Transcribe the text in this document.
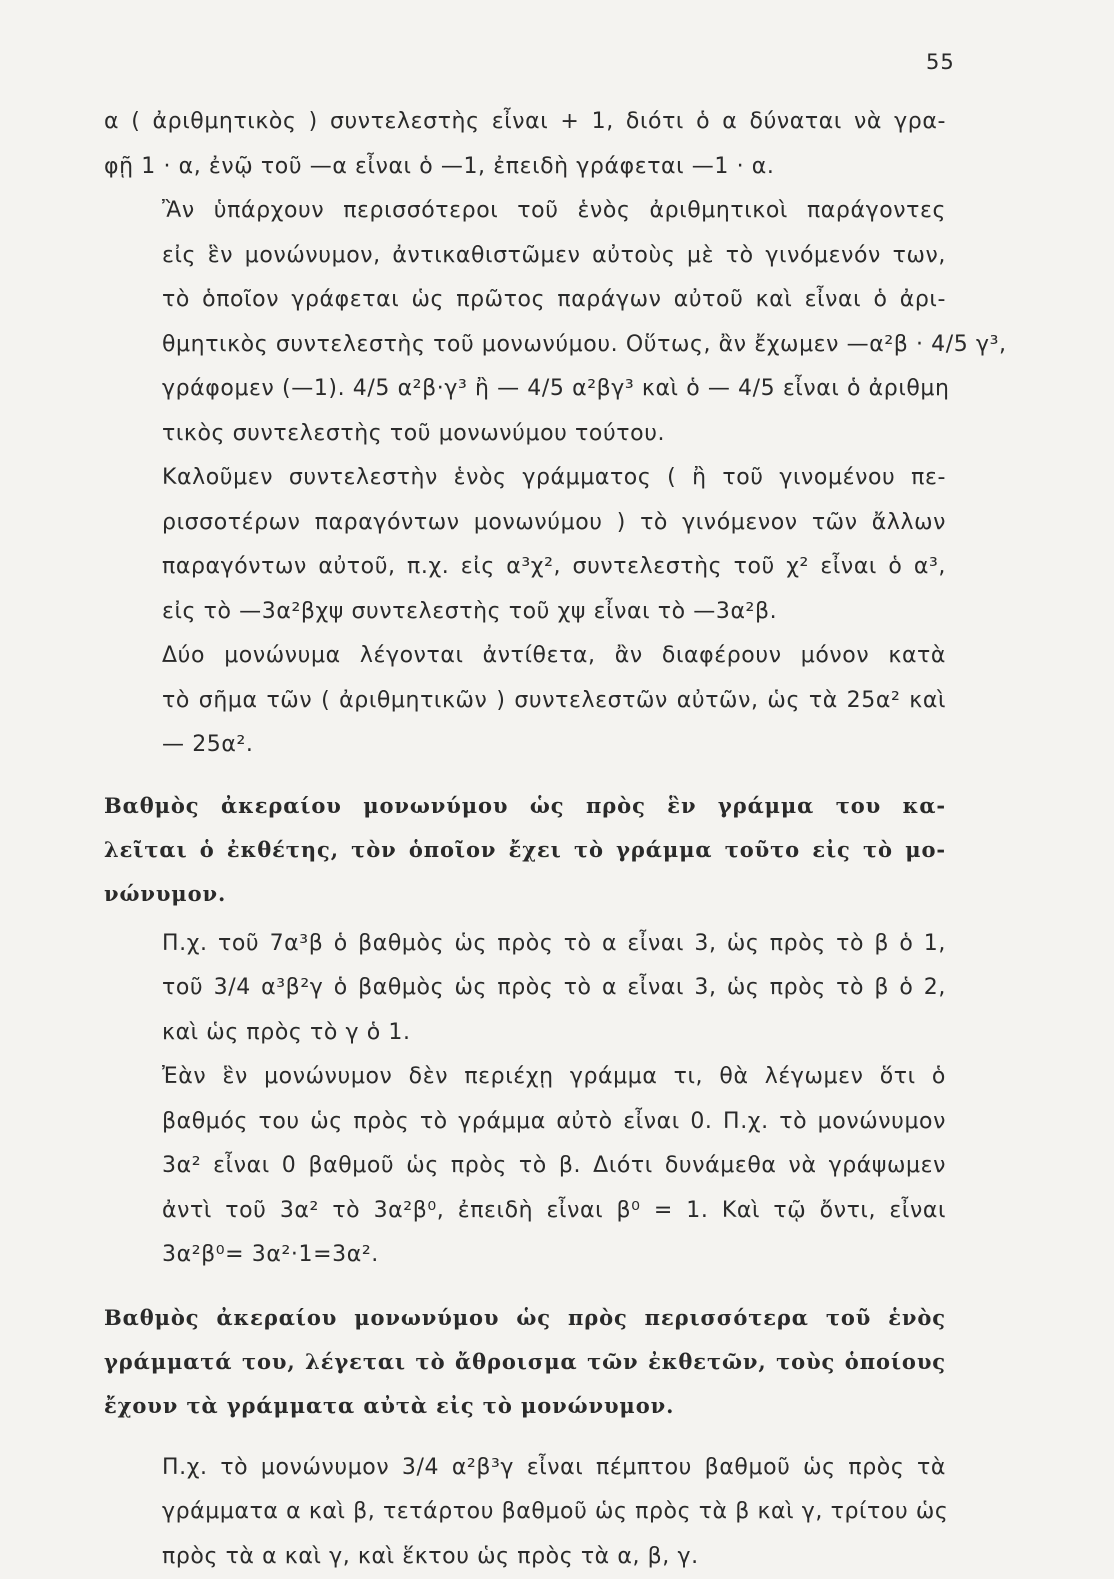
55

α ( ἀριθμητικὸς ) συντελεστὴς εἶναι + 1, διότι ὁ α δύναται νὰ γρα-
φῇ 1 · α, ἐνῷ τοῦ —α εἶναι ὁ —1, ἐπειδὴ γράφεται —1 · α.

Ἂν ὑπάρχουν περισσότεροι τοῦ ἑνὸς ἀριθμητικοὶ παράγοντες
εἰς ἓν μονώνυμον, ἀντικαθιστῶμεν αὐτοὺς μὲ τὸ γινόμενόν των,
τὸ ὁποῖον γράφεται ὡς πρῶτος παράγων αὐτοῦ καὶ εἶναι ὁ ἀρι-
θμητικὸς συντελεστὴς τοῦ μονωνύμου. Οὕτως, ἂν ἔχωμεν —α²β · 4/5 γ³,
γράφομεν (—1). 4/5 α²β·γ³ ἢ — 4/5 α²βγ³ καὶ ὁ — 4/5 εἶναι ὁ ἀριθμη
τικὸς συντελεστὴς τοῦ μονωνύμου τούτου.

Καλοῦμεν συντελεστὴν ἑνὸς γράμματος ( ἢ τοῦ γινομένου πε-
ρισσοτέρων παραγόντων μονωνύμου ) τὸ γινόμενον τῶν ἄλλων
παραγόντων αὐτοῦ, π.χ. εἰς α³χ², συντελεστὴς τοῦ χ² εἶναι ὁ α³,
εἰς τὸ —3α²βχψ συντελεστὴς τοῦ χψ εἶναι τὸ —3α²β.

Δύο μονώνυμα λέγονται ἀντίθετα, ἂν διαφέρουν μόνον κατὰ
τὸ σῆμα τῶν ( ἀριθμητικῶν ) συντελεστῶν αὐτῶν, ὡς τὰ 25α² καὶ
— 25α².

Βαθμὸς ἀκεραίου μονωνύμου ὡς πρὸς ἓν γράμμα του κα-
λεῖται ὁ ἐκθέτης, τὸν ὁποῖον ἔχει τὸ γράμμα τοῦτο εἰς τὸ μο-
νώνυμον.

Π.χ. τοῦ 7α³β ὁ βαθμὸς ὡς πρὸς τὸ α εἶναι 3, ὡς πρὸς τὸ β ὁ 1,
τοῦ 3/4 α³β²γ ὁ βαθμὸς ὡς πρὸς τὸ α εἶναι 3, ὡς πρὸς τὸ β ὁ 2,
καὶ ὡς πρὸς τὸ γ ὁ 1.

Ἐὰν ἓν μονώνυμον δὲν περιέχῃ γράμμα τι, θὰ λέγωμεν ὅτι ὁ
βαθμός του ὡς πρὸς τὸ γράμμα αὐτὸ εἶναι 0. Π.χ. τὸ μονώνυμον
3α² εἶναι 0 βαθμοῦ ὡς πρὸς τὸ β. Διότι δυνάμεθα νὰ γράψωμεν
ἀντὶ τοῦ 3α² τὸ 3α²β⁰, ἐπειδὴ εἶναι β⁰ = 1. Καὶ τῷ ὄντι, εἶναι
3α²β⁰= 3α²·1=3α².

Βαθμὸς ἀκεραίου μονωνύμου ὡς πρὸς περισσότερα τοῦ ἑνὸς
γράμματά του, λέγεται τὸ ἄθροισμα τῶν ἐκθετῶν, τοὺς ὁποίους
ἔχουν τὰ γράμματα αὐτὰ εἰς τὸ μονώνυμον.

Π.χ. τὸ μονώνυμον 3/4 α²β³γ εἶναι πέμπτου βαθμοῦ ὡς πρὸς τὰ
γράμματα α καὶ β, τετάρτου βαθμοῦ ὡς πρὸς τὰ β καὶ γ, τρίτου ὡς
πρὸς τὰ α καὶ γ, καὶ ἕκτου ὡς πρὸς τὰ α, β, γ.
